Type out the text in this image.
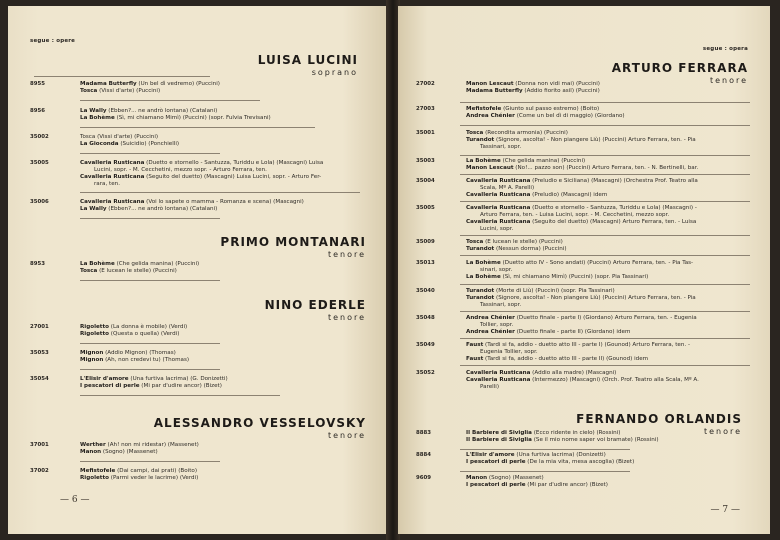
segue : opere
LUISA LUCINI
soprano
8955	Madama Butterfly (Un bel dì vedremo) (Puccini)
Tosca (Vissi d'arte) (Puccini)
8956	La Wally (Ebben?... ne andrò lontana) (Catalani)
La Bohème (Sì, mi chiamano Mimì) (Puccini) (sopr. Fulvia Trevisani)
35002	Tosca (Vissi d'arte) (Puccini)
La Gioconda (Suicidio) (Ponchielli)
35005	Cavalleria Rusticana (Duetto e stornello - Santuzza, Turiddu e Lola) (Mascagni) Luisa
Lucini, sopr. - M. Cecchetini, mezzo sopr. - Arturo Ferrara, ten.
Cavalleria Rusticana (Seguito del duetto) (Mascagni) Luisa Lucini, sopr. - Arturo Fer-
rara, ten.
35006	Cavalleria Rusticana (Voi lo sapete o mamma - Romanza e scena) (Mascagni)
La Wally (Ebben?... ne andrò lontana) (Catalani)
PRIMO MONTANARI
tenore
8953	La Bohème (Che gelida manina) (Puccini)
Tosca (E lucean le stelle) (Puccini)
NINO EDERLE
tenore
27001	Rigoletto (La donna è mobile) (Verdi)
Rigoletto (Questa o quella) (Verdi)
35053	Mignon (Addio Mignon) (Thomas)
Mignon (Ah, non credevi tu) (Thomas)
35054	L'Elisir d'amore (Una furtiva lacrima) (G. Donizetti)
I pescatori di perle (Mi par d'udire ancor) (Bizet)
ALESSANDRO VESSELOVSKY
tenore
37001	Werther (Ah! non mi ridestar) (Massenet)
Manon (Sogno) (Massenet)
37002	Mefistofele (Dai campi, dai prati) (Boito)
Rigoletto (Parmi veder le lacrime) (Verdi)
— 6 —
segue : opera
ARTURO FERRARA
tenore
27002	Manon Lescaut (Donna non vidi mai) (Puccini)
Madama Butterfly (Addio fiorito asil) (Puccini)
27003	Mefistofele (Giunto sul passo estremo) (Boito)
Andrea Chénier (Come un bel dì di maggio) (Giordano)
35001	Tosca (Recondita armonia) (Puccini)
Turandot (Signore, ascolta! - Non piangere Liù) (Puccini) Arturo Ferrara, ten. - Pia
Tassinari, sopr.
35003	La Bohème (Che gelida manina) (Puccini)
Manon Lescaut (No!... pazzo son) (Puccini) Arturo Ferrara, ten. - N. Bertinelli, bar.
35004	Cavalleria Rusticana (Preludio e Siciliana) (Mascagni) (Orchestra Prof. Teatro alla
Scala, Mº A. Parelli)
Cavalleria Rusticana (Preludio) (Mascagni) idem
35005	Cavalleria Rusticana (Duetto e stornello - Santuzza, Turiddu e Lola) (Mascagni) -
Arturo Ferrara, ten. - Luisa Lucini, sopr. - M. Cecchetini, mezzo sopr.
Cavalleria Rusticana (Seguito del duetto) (Mascagni) Arturo Ferrara, ten. - Luisa
Lucini, sopr.
35009	Tosca (E lucean le stelle) (Puccini)
Turandot (Nessun dorma) (Puccini)
35013	La Bohème (Duetto atto IV - Sono andati) (Puccini) Arturo Ferrara, ten. - Pia Tas-
sinari, sopr.
La Bohème (Sì, mi chiamano Mimì) (Puccini) (sopr. Pia Tassinari)
35040	Turandot (Morte di Liù) (Puccini) (sopr. Pia Tassinari)
Turandot (Signore, ascolta! - Non piangere Liù) (Puccini) Arturo Ferrara, ten. - Pia
Tassinari, sopr.
35048	Andrea Chénier (Duetto finale - parte I) (Giordano) Arturo Ferrara, ten. - Eugenia
Tollier, sopr.
Andrea Chénier (Duetto finale - parte II) (Giordano) idem
35049	Faust (Tardi si fa, addio - duetto atto III - parte I) (Gounod) Arturo Ferrara, ten. -
Eugenia Tollier, sopr.
Faust (Tardi si fa, addio - duetto atto III - parte II) (Gounod) idem
35052	Cavalleria Rusticana (Addio alla madre) (Mascagni)
Cavalleria Rusticana (Intermezzo) (Mascagni) (Orch. Prof. Teatro alla Scala, Mº A.
Parelli)
FERNANDO ORLANDIS
tenore
8883	Il Barbiere di Siviglia (Ecco ridente in cielo) (Rossini)
Il Barbiere di Siviglia (Se il mio nome saper voi bramate) (Rossini)
8884	L'Elisir d'amore (Una furtiva lacrima) (Donizetti)
I pescatori di perle (De la mia vita, mesa ascoglia) (Bizet)
9609	Manon (Sogno) (Massenet)
I pescatori di perle (Mi par d'udire ancor) (Bizet)
— 7 —
